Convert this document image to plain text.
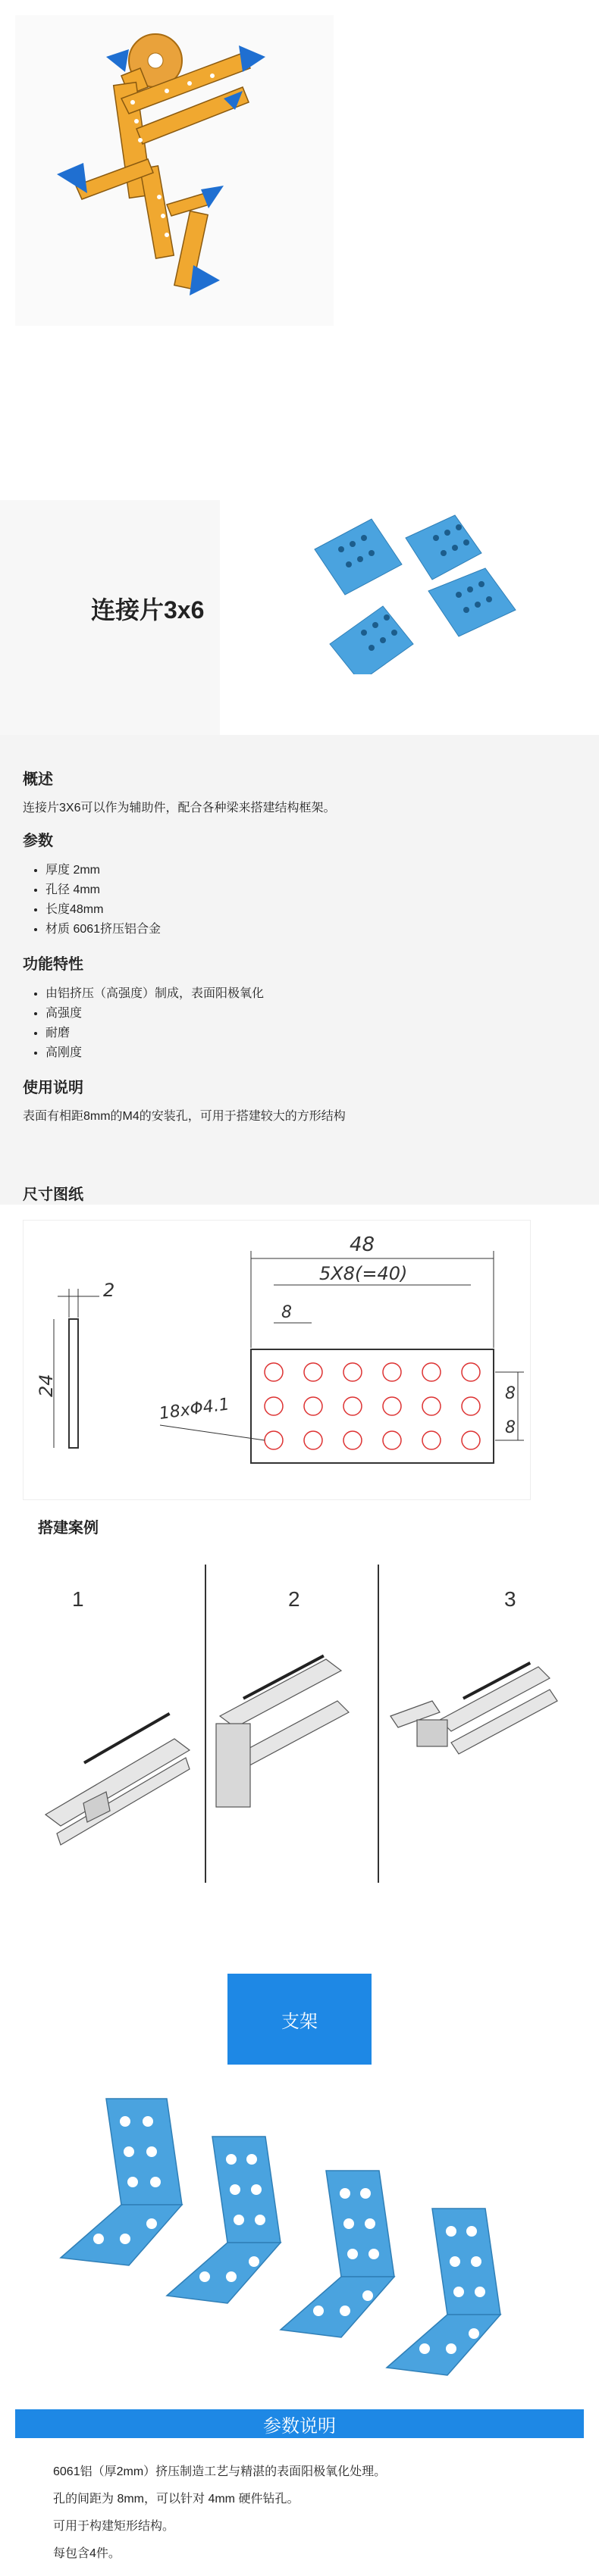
连接片3x6
概述
连接片3X6可以作为辅助件，配合各种梁来搭建结构框架。
参数
• 厚度 2mm
• 孔径 4mm
• 长度48mm
• 材质 6061挤压铝合金
功能特性
• 由铝挤压（高强度）制成，表面阳极氧化
• 高强度
• 耐磨
• 高刚度
使用说明
表面有相距8mm的M4的安装孔，可用于搭建较大的方形结构
尺寸图纸
2
24
48
5X8(=40)
8
18xΦ4.1
8
8
搭建案例
1	2	3
支架
参数说明
6061铝（厚2mm）挤压制造工艺与精湛的表面阳极氧化处理。
孔的间距为 8mm，可以针对 4mm 硬件钻孔。
可用于构建矩形结构。
每包含4件。
